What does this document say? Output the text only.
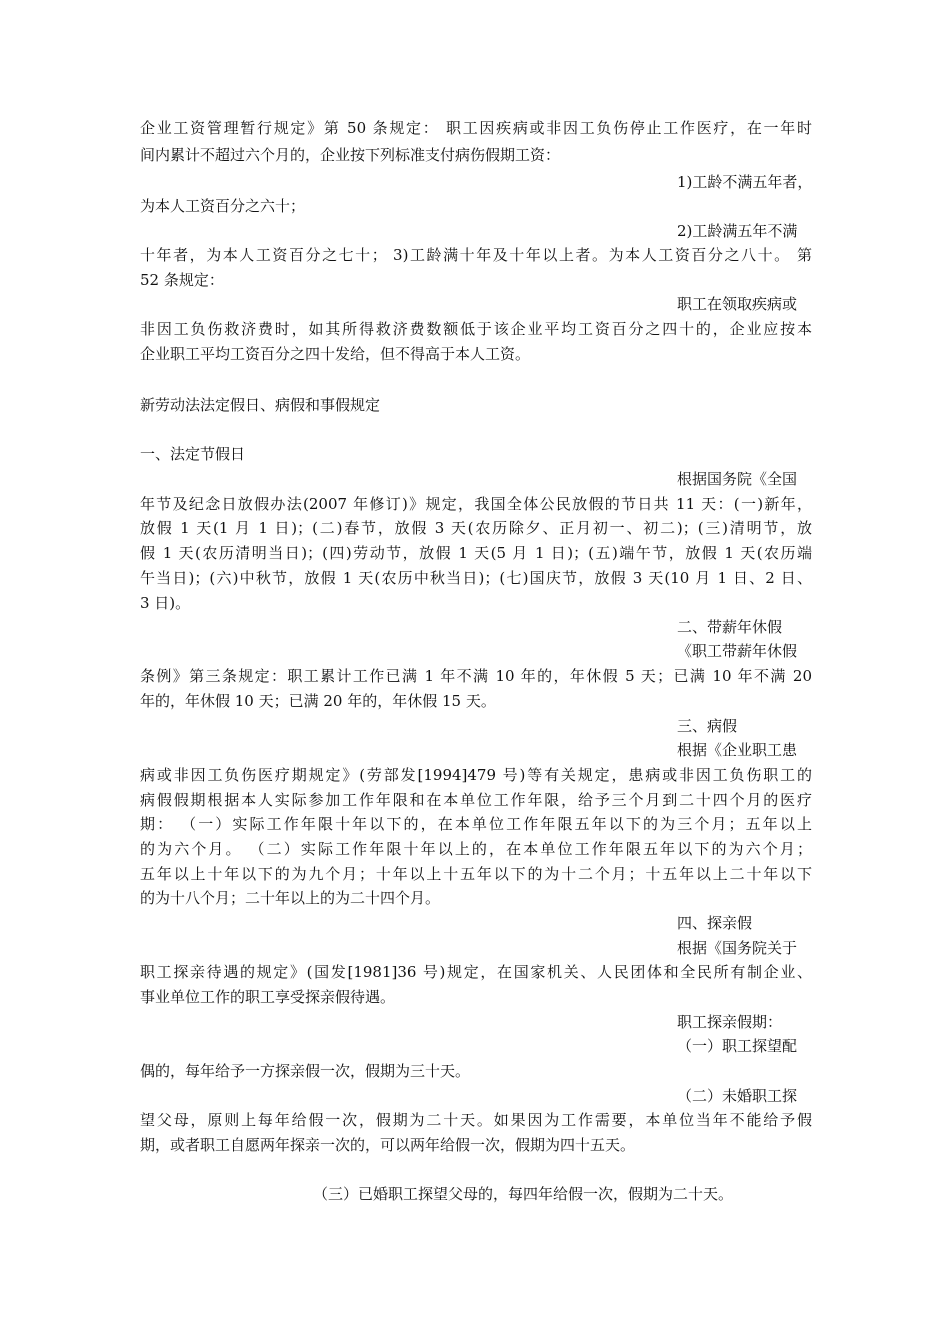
企业工资管理暂行规定》第 50 条规定： 职工因疾病或非因工负伤停止工作医疗，在一年时
间内累计不超过六个月的，企业按下列标准支付病伤假期工资：
1)工龄不满五年者，
为本人工资百分之六十；
2)工龄满五年不满
十年者，为本人工资百分之七十； 3)工龄满十年及十年以上者。为本人工资百分之八十。 第
52 条规定：
职工在领取疾病或
非因工负伤救济费时，如其所得救济费数额低于该企业平均工资百分之四十的，企业应按本
企业职工平均工资百分之四十发给，但不得高于本人工资。
新劳动法法定假日、病假和事假规定
一、法定节假日
根据国务院《全国
年节及纪念日放假办法(2007 年修订)》规定，我国全体公民放假的节日共 11 天：(一)新年，
放假 1 天(1 月 1 日)；(二)春节，放假 3 天(农历除夕、正月初一、初二)；(三)清明节，放
假 1 天(农历清明当日)；(四)劳动节，放假 1 天(5 月 1 日)；(五)端午节，放假 1 天(农历端
午当日)；(六)中秋节，放假 1 天(农历中秋当日)；(七)国庆节，放假 3 天(10 月 1 日、2 日、
3 日)。
二、带薪年休假
《职工带薪年休假
条例》第三条规定：职工累计工作已满 1 年不满 10 年的，年休假 5 天；已满 10 年不满 20
年的，年休假 10 天；已满 20 年的，年休假 15 天。
三、病假
根据《企业职工患
病或非因工负伤医疗期规定》(劳部发[1994]479 号)等有关规定，患病或非因工负伤职工的
病假假期根据本人实际参加工作年限和在本单位工作年限，给予三个月到二十四个月的医疗
期： （一）实际工作年限十年以下的，在本单位工作年限五年以下的为三个月；五年以上
的为六个月。 （二）实际工作年限十年以上的，在本单位工作年限五年以下的为六个月；
五年以上十年以下的为九个月；十年以上十五年以下的为十二个月；十五年以上二十年以下
的为十八个月；二十年以上的为二十四个月。
四、探亲假
根据《国务院关于
职工探亲待遇的规定》(国发[1981]36 号)规定，在国家机关、人民团体和全民所有制企业、
事业单位工作的职工享受探亲假待遇。
职工探亲假期：
（一）职工探望配
偶的，每年给予一方探亲假一次，假期为三十天。
（二）未婚职工探
望父母，原则上每年给假一次，假期为二十天。如果因为工作需要，本单位当年不能给予假
期，或者职工自愿两年探亲一次的，可以两年给假一次，假期为四十五天。
（三）已婚职工探望父母的，每四年给假一次，假期为二十天。
